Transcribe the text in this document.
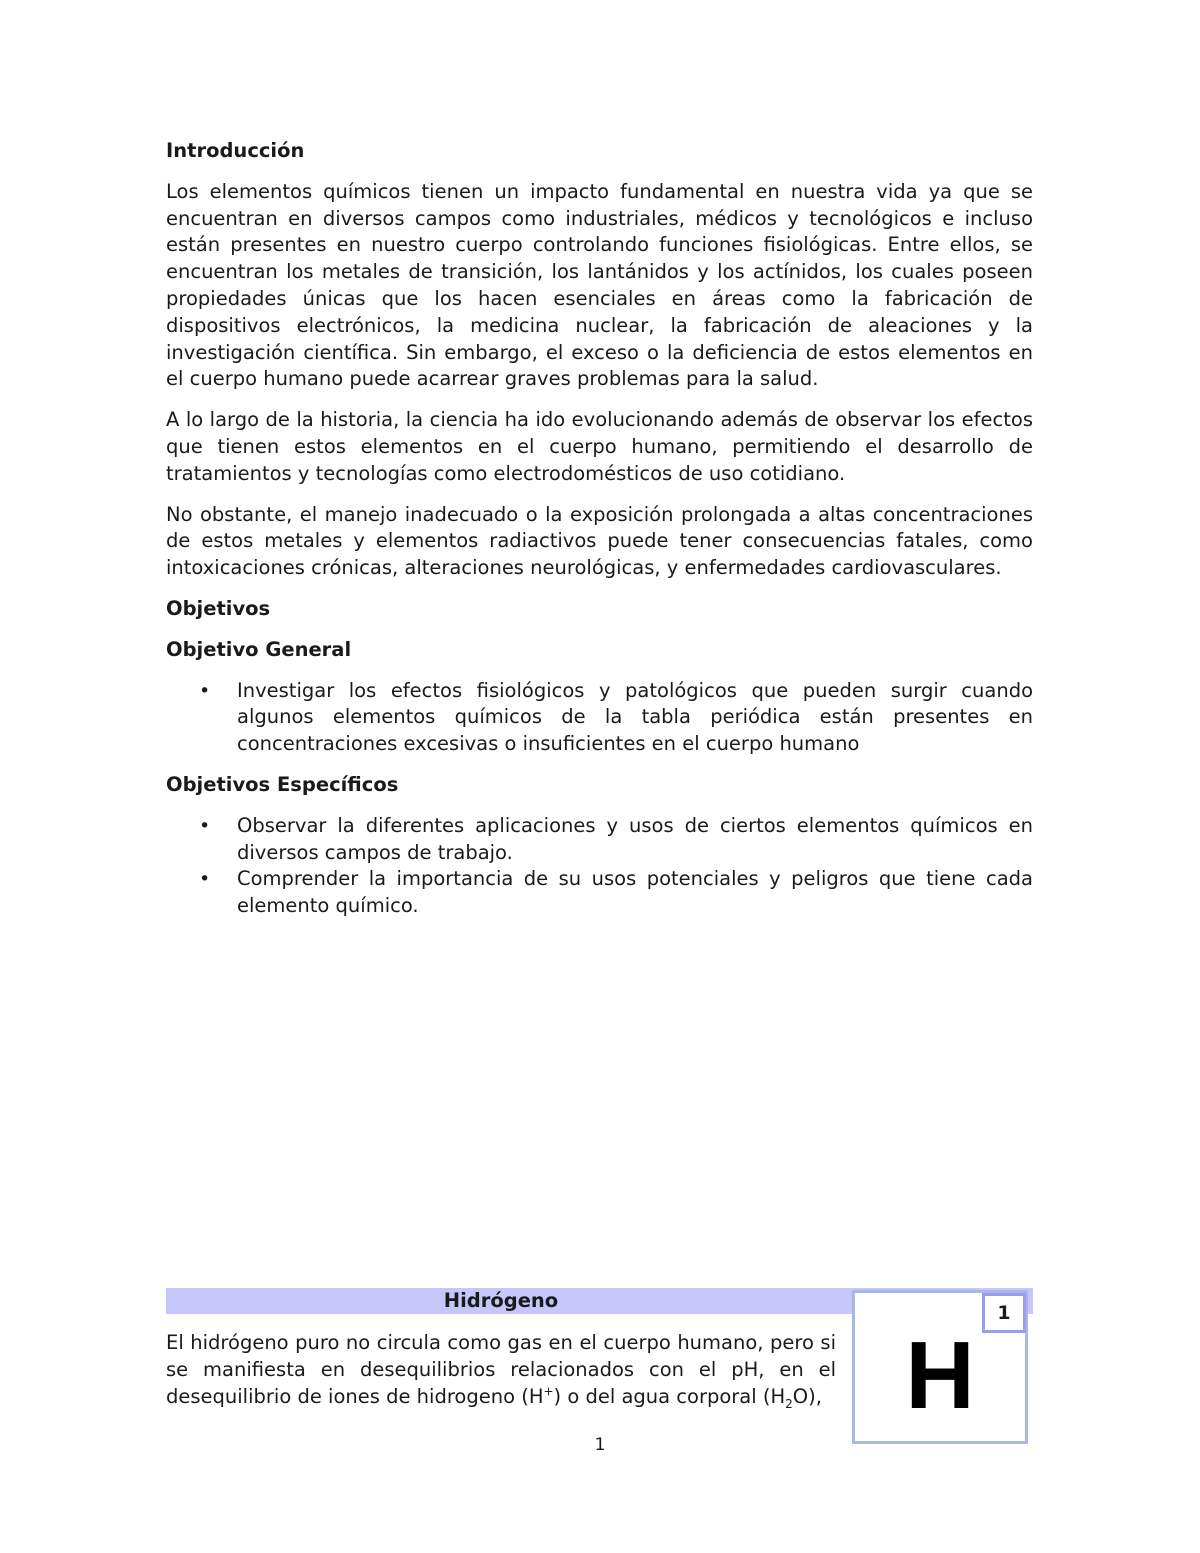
Introducción

Los elementos químicos tienen un impacto fundamental en nuestra vida ya que se encuentran en diversos campos como industriales, médicos y tecnológicos e incluso están presentes en nuestro cuerpo controlando funciones fisiológicas. Entre ellos, se encuentran los metales de transición, los lantánidos y los actínidos, los cuales poseen propiedades únicas que los hacen esenciales en áreas como la fabricación de dispositivos electrónicos, la medicina nuclear, la fabricación de aleaciones y la investigación científica. Sin embargo, el exceso o la deficiencia de estos elementos en el cuerpo humano puede acarrear graves problemas para la salud.

A lo largo de la historia, la ciencia ha ido evolucionando además de observar los efectos que tienen estos elementos en el cuerpo humano, permitiendo el desarrollo de tratamientos y tecnologías como electrodomésticos de uso cotidiano.

No obstante, el manejo inadecuado o la exposición prolongada a altas concentraciones de estos metales y elementos radiactivos puede tener consecuencias fatales, como intoxicaciones crónicas, alteraciones neurológicas, y enfermedades cardiovasculares.

Objetivos
Objetivo General
• Investigar los efectos fisiológicos y patológicos que pueden surgir cuando algunos elementos químicos de la tabla periódica están presentes en concentraciones excesivas o insuficientes en el cuerpo humano
Objetivos Específicos
• Observar la diferentes aplicaciones y usos de ciertos elementos químicos en diversos campos de trabajo.
• Comprender la importancia de su usos potenciales y peligros que tiene cada elemento químico.
Hidrógeno
El hidrógeno puro no circula como gas en el cuerpo humano, pero si se manifiesta en desequilibrios relacionados con el pH, en el desequilibrio de iones de hidrogeno (H+) o del agua corporal $(H_2O)$,
1
H
1
